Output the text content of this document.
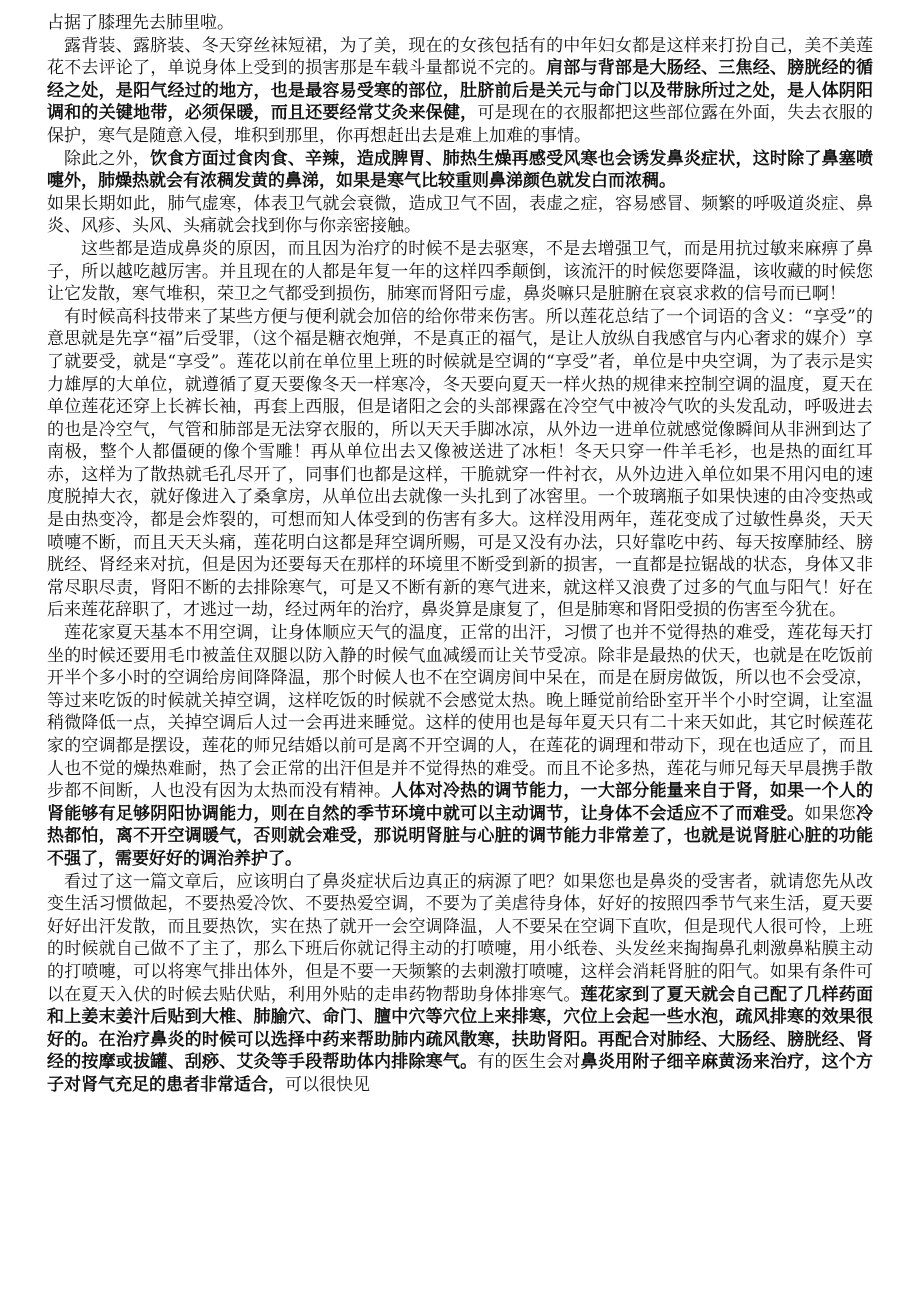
占据了膝理先去肺里啦。

露背装、露脐装、冬天穿丝袜短裙，为了美，现在的女孩包括有的中年妇女都是这样来打扮自己，美不美莲花不去评论了，单说身体上受到的损害那是车载斗量都说不完的。肩部与背部是大肠经、三焦经、膀胱经的循经之处，是阳气经过的地方，也是最容易受寒的部位，肚脐前后是关元与命门以及带脉所过之处，是人体阴阳调和的关键地带，必须保暖，而且还要经常艾灸来保健，可是现在的衣服都把这些部位露在外面，失去衣服的保护，寒气是随意入侵，堆积到那里，你再想赶出去是难上加难的事情。

除此之外，饮食方面过食肉食、辛辣，造成脾胃、肺热生燥再感受风寒也会诱发鼻炎症状，这时除了鼻塞喷嚏外，肺燥热就会有浓稠发黄的鼻涕，如果是寒气比较重则鼻涕颜色就发白而浓稠。

如果长期如此，肺气虚寒，体表卫气就会衰微，造成卫气不固，表虚之症，容易感冒、频繁的呼吸道炎症、鼻炎、风疹、头风、头痛就会找到你与你亲密接触。

这些都是造成鼻炎的原因，而且因为治疗的时候不是去驱寒，不是去增强卫气，而是用抗过敏来麻痹了鼻子，所以越吃越厉害。并且现在的人都是年复一年的这样四季颠倒，该流汗的时候您要降温，该收藏的时候您让它发散，寒气堆积，荣卫之气都受到损伤，肺寒而肾阳亏虚，鼻炎嘛只是脏腑在哀哀求救的信号而已啊！

有时候高科技带来了某些方便与便利就会加倍的给你带来伤害。所以莲花总结了一个词语的含义：“享受”的意思就是先享“福”后受罪，（这个福是糖衣炮弹，不是真正的福气，是让人放纵自我感官与内心奢求的媒介）享了就要受，就是“享受”。莲花以前在单位里上班的时候就是空调的“享受”者，单位是中央空调，为了表示是实力雄厚的大单位，就遵循了夏天要像冬天一样寒冷，冬天要向夏天一样火热的规律来控制空调的温度，夏天在单位莲花还穿上长裤长袖，再套上西服，但是诸阳之会的头部裸露在冷空气中被冷气吹的头发乱动，呼吸进去的也是冷空气，气管和肺部是无法穿衣服的，所以天天手脚冰凉，从外边一进单位就感觉像瞬间从非洲到达了南极，整个人都僵硬的像个雪雕！再从单位出去又像被送进了冰柜！冬天只穿一件羊毛衫，也是热的面红耳赤，这样为了散热就毛孔尽开了，同事们也都是这样，干脆就穿一件衬衣，从外边进入单位如果不用闪电的速度脱掉大衣，就好像进入了桑拿房，从单位出去就像一头扎到了冰窖里。一个玻璃瓶子如果快速的由冷变热或是由热变冷，都是会炸裂的，可想而知人体受到的伤害有多大。这样没用两年，莲花变成了过敏性鼻炎，天天喷嚏不断，而且天天头痛，莲花明白这都是拜空调所赐，可是又没有办法，只好靠吃中药、每天按摩肺经、膀胱经、肾经来对抗，但是因为还要每天在那样的环境里不断受到新的损害，一直都是拉锯战的状态，身体又非常尽职尽责，肾阳不断的去排除寒气，可是又不断有新的寒气进来，就这样又浪费了过多的气血与阳气！好在后来莲花辞职了，才逃过一劫，经过两年的治疗，鼻炎算是康复了，但是肺寒和肾阳受损的伤害至今犹在。

莲花家夏天基本不用空调，让身体顺应天气的温度，正常的出汗，习惯了也并不觉得热的难受，莲花每天打坐的时候还要用毛巾被盖住双腿以防入静的时候气血减缓而让关节受凉。除非是最热的伏天，也就是在吃饭前开半个多小时的空调给房间降降温，那个时候人也不在空调房间中呆在，而是在厨房做饭，所以也不会受凉，等过来吃饭的时候就关掉空调，这样吃饭的时候就不会感觉太热。晚上睡觉前给卧室开半个小时空调，让室温稍微降低一点，关掉空调后人过一会再进来睡觉。这样的使用也是每年夏天只有二十来天如此，其它时候莲花家的空调都是摆设，莲花的师兄结婚以前可是离不开空调的人，在莲花的调理和带动下，现在也适应了，而且人也不觉的燥热难耐，热了会正常的出汗但是并不觉得热的难受。而且不论多热，莲花与师兄每天早晨携手散步都不间断，人也没有因为太热而没有精神。人体对冷热的调节能力，一大部分能量来自于肾，如果一个人的肾能够有足够阴阳协调能力，则在自然的季节环境中就可以主动调节，让身体不会适应不了而难受。如果您冷热都怕，离不开空调暖气，否则就会难受，那说明肾脏与心脏的调节能力非常差了，也就是说肾脏心脏的功能不强了，需要好好的调治养护了。

看过了这一篇文章后，应该明白了鼻炎症状后边真正的病源了吧？如果您也是鼻炎的受害者，就请您先从改变生活习惯做起，不要热爱冷饮、不要热爱空调，不要为了美虐待身体，好好的按照四季节气来生活，夏天要好好出汗发散，而且要热饮，实在热了就开一会空调降温，人不要呆在空调下直吹，但是现代人很可怜，上班的时候就自己做不了主了，那么下班后你就记得主动的打喷嚏，用小纸卷、头发丝来掏掏鼻孔刺激鼻粘膜主动的打喷嚏，可以将寒气排出体外，但是不要一天频繁的去刺激打喷嚏，这样会消耗肾脏的阳气。如果有条件可以在夏天入伏的时候去贴伏贴，利用外贴的走串药物帮助身体排寒气。莲花家到了夏天就会自己配了几样药面和上姜末姜汁后贴到大椎、肺腧穴、命门、膻中穴等穴位上来排寒，穴位上会起一些水泡，疏风排寒的效果很好的。在治疗鼻炎的时候可以选择中药来帮助肺内疏风散寒，扶助肾阳。再配合对肺经、大肠经、膀胱经、肾经的按摩或拔罐、刮痧、艾灸等手段帮助体内排除寒气。有的医生会对鼻炎用附子细辛麻黄汤来治疗，这个方子对肾气充足的患者非常适合，可以很快见
